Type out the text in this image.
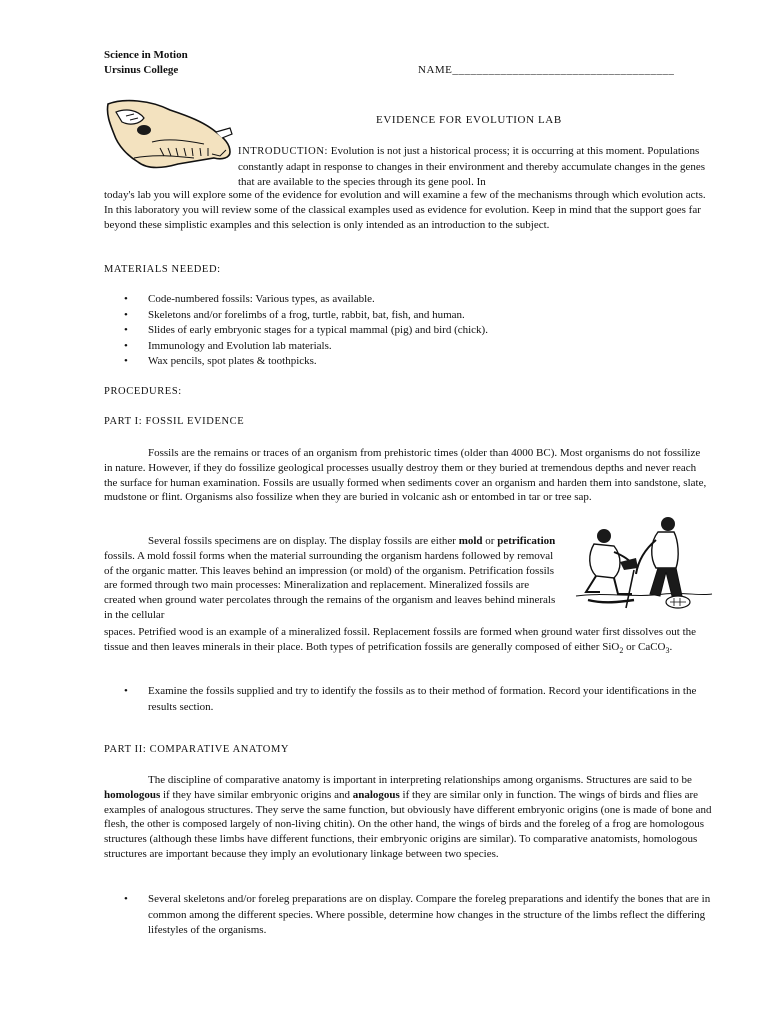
Science in Motion
Ursinus College	NAME_____________________________________
EVIDENCE FOR EVOLUTION LAB
INTRODUCTION: Evolution is not just a historical process; it is occurring at this moment. Populations constantly adapt in response to changes in their environment and thereby accumulate changes in the genes that are available to the species through its gene pool. In
today's lab you will explore some of the evidence for evolution and will examine a few of the mechanisms through which evolution acts. In this laboratory you will review some of the classical examples used as evidence for evolution. Keep in mind that the support goes far beyond these simplistic examples and this selection is only intended as an introduction to the subject.
MATERIALS NEEDED:
• Code-numbered fossils: Various types, as available.
• Skeletons and/or forelimbs of a frog, turtle, rabbit, bat, fish, and human.
• Slides of early embryonic stages for a typical mammal (pig) and bird (chick).
• Immunology and Evolution lab materials.
• Wax pencils, spot plates & toothpicks.
PROCEDURES:
PART I: FOSSIL EVIDENCE
Fossils are the remains or traces of an organism from prehistoric times (older than 4000 BC). Most organisms do not fossilize in nature. However, if they do fossilize geological processes usually destroy them or they buried at tremendous depths and never reach the surface for human examination. Fossils are usually formed when sediments cover an organism and harden them into sandstone, slate, mudstone or flint. Organisms also fossilize when they are buried in volcanic ash or entombed in tar or tree sap.
Several fossils specimens are on display. The display fossils are either mold or petrification fossils. A mold fossil forms when the material surrounding the organism hardens followed by removal of the organic matter. This leaves behind an impression (or mold) of the organism. Petrification fossils are formed through two main processes: Mineralization and replacement. Mineralized fossils are created when ground water percolates through the remains of the organism and leaves behind minerals in the cellular
spaces. Petrified wood is an example of a mineralized fossil. Replacement fossils are formed when ground water first dissolves out the tissue and then leaves minerals in their place. Both types of petrification fossils are generally composed of either SiO$_2$ or CaCO$_3$.
• Examine the fossils supplied and try to identify the fossils as to their method of formation. Record your identifications in the results section.
PART II: COMPARATIVE ANATOMY
The discipline of comparative anatomy is important in interpreting relationships among organisms. Structures are said to be homologous if they have similar embryonic origins and analogous if they are similar only in function. The wings of birds and flies are examples of analogous structures. They serve the same function, but obviously have different embryonic origins (one is made of bone and flesh, the other is composed largely of non-living chitin). On the other hand, the wings of birds and the foreleg of a frog are homologous structures (although these limbs have different functions, their embryonic origins are similar). To comparative anatomists, homologous structures are important because they imply an evolutionary linkage between two species.
• Several skeletons and/or foreleg preparations are on display. Compare the foreleg preparations and identify the bones that are in common among the different species. Where possible, determine how changes in the structure of the limbs reflect the differing lifestyles of the organisms.
